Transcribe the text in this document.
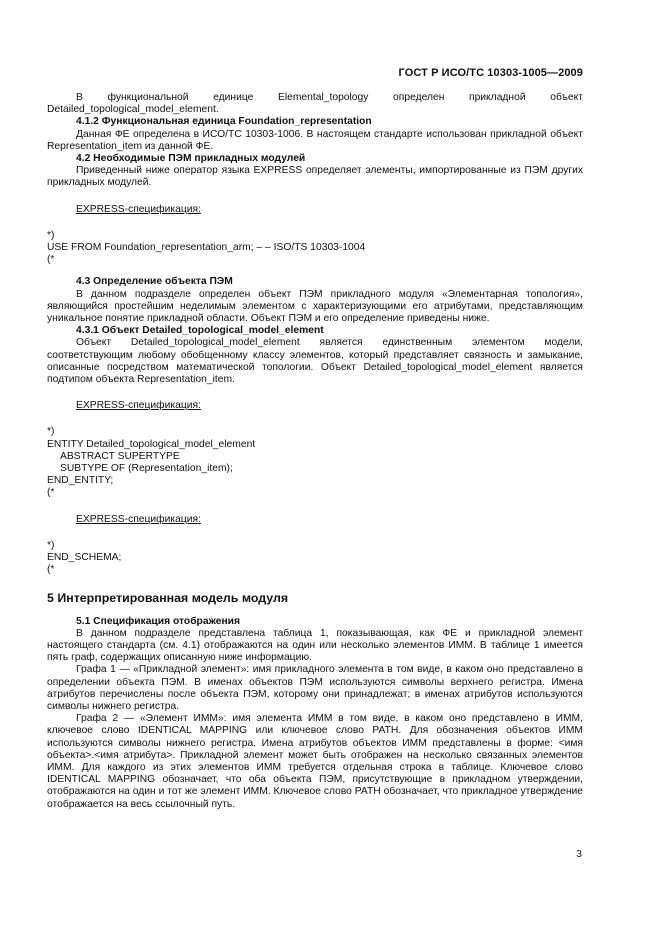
ГОСТ Р ИСО/ТС 10303-1005—2009

В функциональной единице Elemental_topology определен прикладной объект

Detailed_topological_model_element.

4.1.2 Функциональная единица Foundation_representation

Данная ФЕ определена в ИСО/ТС 10303-1006. В настоящем стандарте использован прикладной объект Representation_item из данной ФЕ.

4.2 Необходимые ПЭМ прикладных модулей

Приведенный ниже оператор языка EXPRESS определяет элементы, импортированные из ПЭМ других прикладных модулей.

EXPRESS-спецификация:

*)

USE FROM Foundation_representation_arm; – – ISO/TS 10303-1004

(*

4.3 Определение объекта ПЭМ

В данном подразделе определен объект ПЭМ прикладного модуля «Элементарная топология», являющийся простейшим неделимым элементом с характеризующими его атрибутами, представляющим уникальное понятие прикладной области. Объект ПЭМ и его определение приведены ниже.

4.3.1 Объект Detailed_topological_model_element

Объект Detailed_topological_model_element является единственным элементом модели, соответствующим любому обобщенному классу элементов, который представляет связность и замыкание, описанные посредством математической топологии. Объект Detailed_topological_model_element является подтипом объекта Representation_item.

EXPRESS-спецификация:

*)

ENTITY Detailed_topological_model_element

ABSTRACT SUPERTYPE

SUBTYPE OF (Representation_item);

END_ENTITY;

(*

EXPRESS-спецификация:

*)

END_SCHEMA;

(*

5 Интерпретированная модель модуля

5.1 Спецификация отображения

В данном подразделе представлена таблица 1, показывающая, как ФЕ и прикладной элемент настоящего стандарта (см. 4.1) отображаются на один или несколько элементов ИММ. В таблице 1 имеется пять граф, содержащих описанную ниже информацию.

Графа 1 — «Прикладной элемент»: имя прикладного элемента в том виде, в каком оно представлено в определении объекта ПЭМ. В именах объектов ПЭМ используются символы верхнего регистра. Имена атрибутов перечислены после объекта ПЭМ, которому они принадлежат; в именах атрибутов используются символы нижнего регистра.

Графа 2 — «Элемент ИММ»: имя элемента ИММ в том виде, в каком оно представлено в ИММ, ключевое слово IDENTICAL MAPPING или ключевое слово PATH. Для обозначения объектов ИММ используются символы нижнего регистра. Имена атрибутов объектов ИММ представлены в форме: <имя объекта>.<имя атрибута>. Прикладной элемент может быть отображен на несколько связанных элементов ИММ. Для каждого из этих элементов ИММ требуется отдельная строка в таблице. Ключевое слово IDENTICAL MAPPING обозначает, что оба объекта ПЭМ, присутствующие в прикладном утверждении, отображаются на один и тот же элемент ИММ. Ключевое слово PATH обозначает, что прикладное утверждение отображается на весь ссылочный путь.

3
